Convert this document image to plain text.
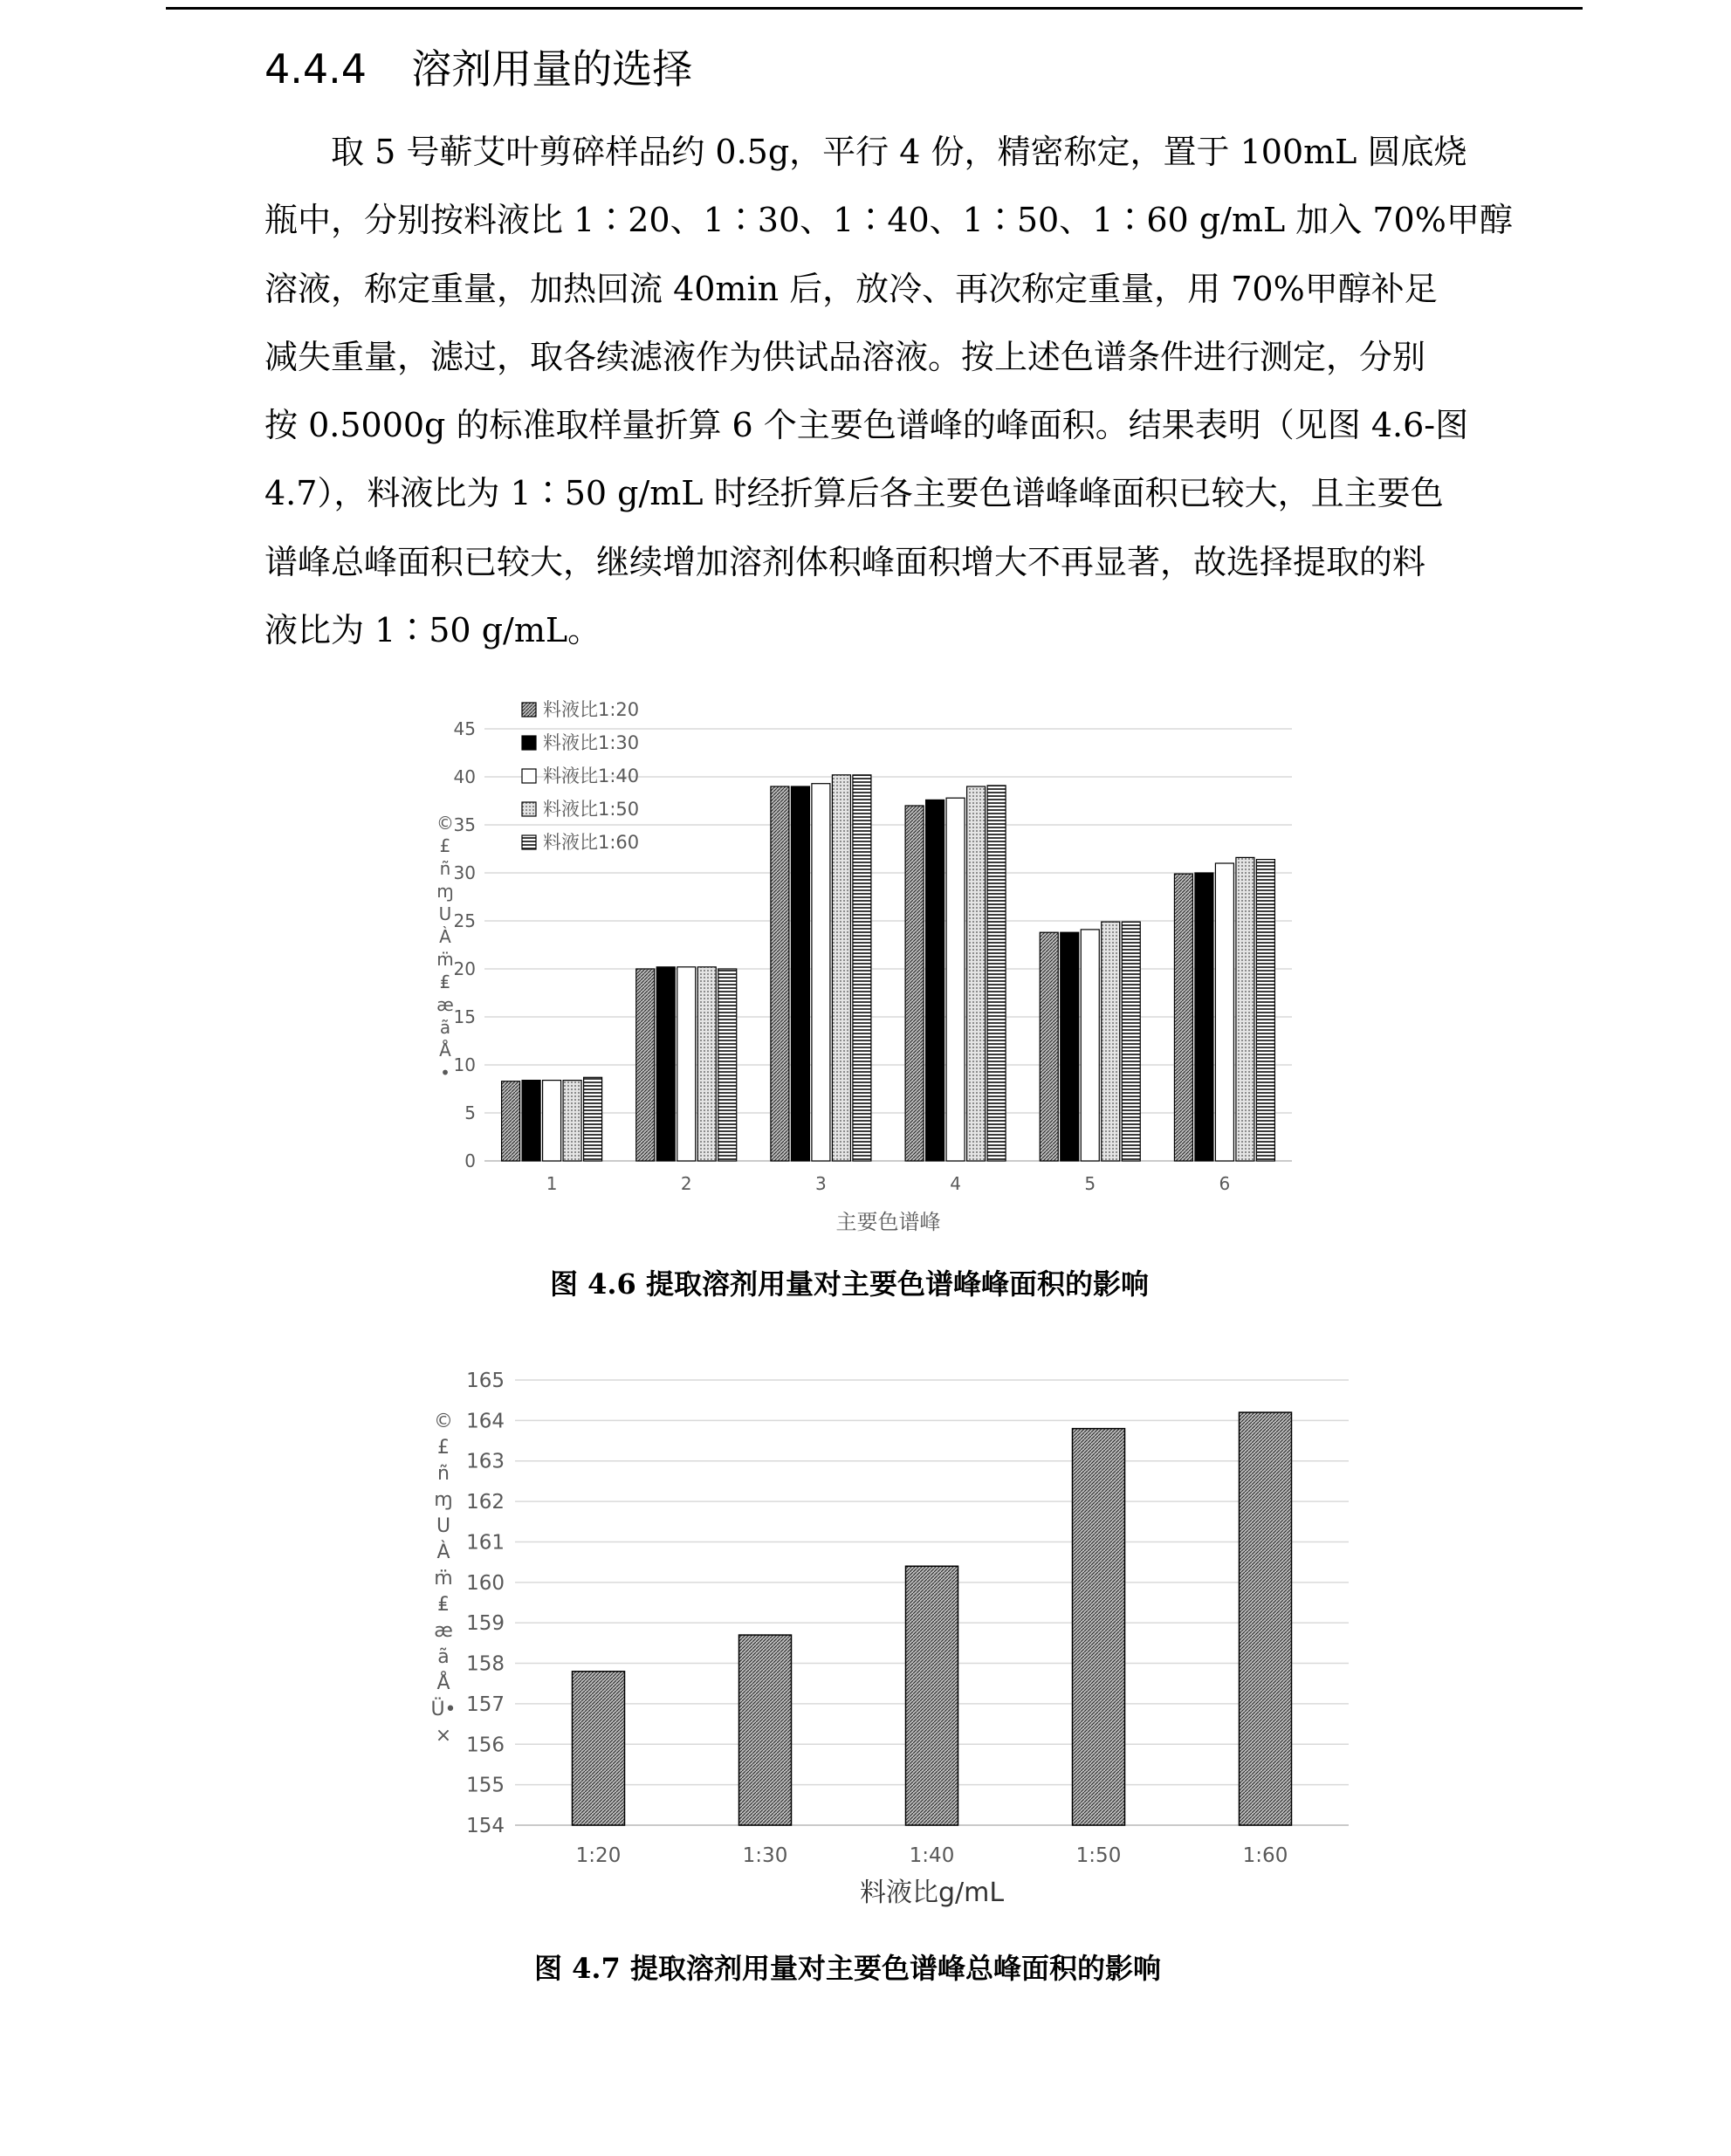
4.4.4 溶剂用量的选择
取 5 号蕲艾叶剪碎样品约 0.5g，平行 4 份，精密称定，置于 100mL 圆底烧
瓶中，分别按料液比 1∶20、1∶30、1∶40、1∶50、1∶60 g/mL 加入 70%甲醇
溶液，称定重量，加热回流 40min 后，放冷、再次称定重量，用 70%甲醇补足
减失重量，滤过，取各续滤液作为供试品溶液。按上述色谱条件进行测定，分别
按 0.5000g 的标准取样量折算 6 个主要色谱峰的峰面积。结果表明（见图 4.6-图
4.7），料液比为 1∶50 g/mL 时经折算后各主要色谱峰峰面积已较大，且主要色
谱峰总峰面积已较大，继续增加溶剂体积峰面积增大不再显著，故选择提取的料
液比为 1∶50 g/mL。
0
5
10
15
20
25
30
35
40
45
1	2	3	4	5	6
料液比1:20
料液比1:30
料液比1:40
料液比1:50
料液比1:60
© £ ñ ɱ U À m̈ ₤ æ ã Å •
主要色谱峰
图 4.6 提取溶剂用量对主要色谱峰峰面积的影响
154
155
156
157
158
159
160
161
162
163
164
165
1:20	1:30	1:40	1:50	1:60
© £ ñ ɱ U À m̈ ₤ æ ã Å Ü• ×
料液比g/mL
图 4.7 提取溶剂用量对主要色谱峰总峰面积的影响
